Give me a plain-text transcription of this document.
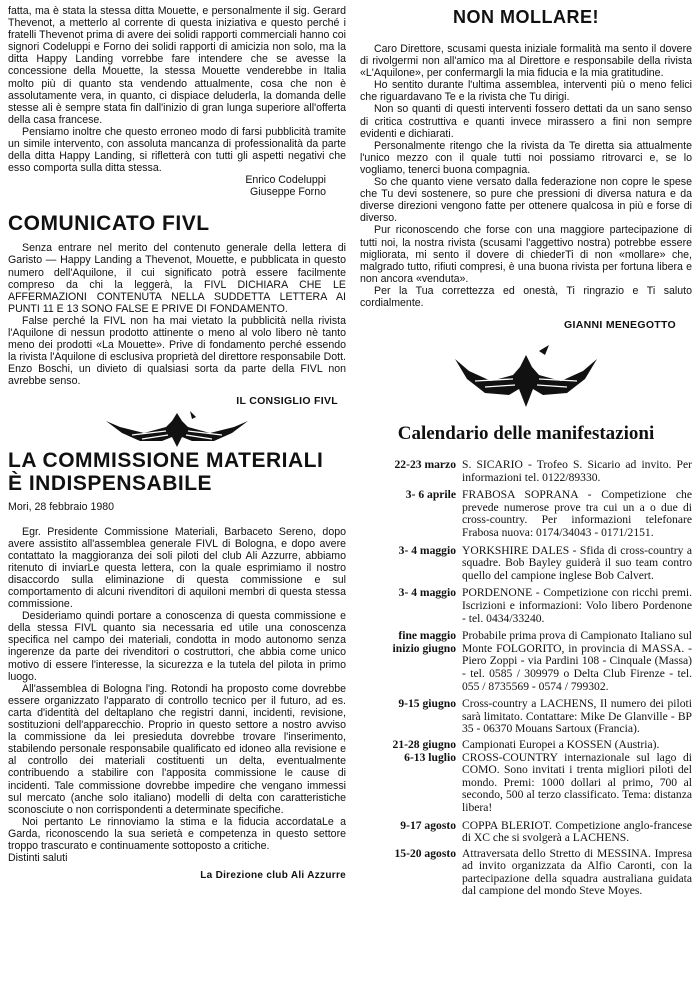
fatta, ma è stata la stessa ditta Mouette, e personalmente il sig. Gerard Thevenot, a metterlo al corrente di questa iniziativa e questo perché i fratelli Thevenot prima di avere dei solidi rapporti commerciali hanno coi signori Codeluppi e Forno dei solidi rapporti di amicizia non solo, ma la ditta Happy Landing vorrebbe fare intendere che se avesse la concessione della Mouette, la stessa Mouette venderebbe in Italia molto più di quanto sta vendendo attualmente, cosa che non è assolutamente vera, in quanto, ci dispiace deluderla, la domanda delle stesse ali è sempre stata fin dall'inizio di gran lunga superiore all'offerta della casa francese.

Pensiamo inoltre che questo erroneo modo di farsi pubblicità tramite un simile intervento, con assoluta mancanza di professionalità da parte della ditta Happy Landing, si rifletterà con tutti gli aspetti negativi che esso comporta sulla ditta stessa.

Enrico Codeluppi

Giuseppe Forno

COMUNICATO FIVL

Senza entrare nel merito del contenuto generale della lettera di Garisto — Happy Landing a Thevenot, Mouette, e pubblicata in questo numero dell'Aquilone, il cui significato potrà essere facilmente compreso da chi la leggerà, la FIVL DICHIARA CHE LE AFFERMAZIONI CONTENUTA NELLA SUDDETTA LETTERA AI PUNTI 11 E 13 SONO FALSE E PRIVE DI FONDAMENTO.

False perché la FIVL non ha mai vietato la pubblicità nella rivista l'Aquilone di nessun prodotto attinente o meno al volo libero nè tanto meno dei prodotti «La Mouette». Prive di fondamento perché essendo la rivista l'Aquilone di esclusiva proprietà del direttore responsabile Dott. Enzo Boschi, un divieto di qualsiasi sorta da parte della FIVL non avrebbe senso.

IL CONSIGLIO FIVL

LA COMMISSIONE MATERIALI
È INDISPENSABILE

Mori, 28 febbraio 1980

Egr. Presidente Commissione Materiali, Barbaceto Sereno, dopo avere assistito all'assemblea generale FIVL di Bologna, e dopo avere contattato la maggioranza dei soli piloti del club Ali Azzurre, abbiamo ritenuto di inviarLe questa lettera, con la quale esprimiamo il nostro disaccordo sulla eliminazione di questa commissione e sul comportamento di alcuni rivenditori di aquiloni membri di questa stessa commissione.

Desideriamo quindi portare a conoscenza di questa commissione e della stessa FIVL quanto sia necessaria ed utile una conoscenza specifica nel campo dei materiali, condotta in modo autonomo senza ingerenze da parte dei rivenditori o costruttori, che abbia come unico motivo di essere l'interesse, la sicurezza e la tutela del pilota in primo luogo.

All'assemblea di Bologna l'ing. Rotondi ha proposto come dovrebbe essere organizzato l'apparato di controllo tecnico per il futuro, ad es. carta d'identità del deltaplano che registri danni, incidenti, revisione, sostituzioni dell'apparecchio. Proprio in questo settore a nostro avviso la commissione da lei presieduta dovrebbe trovare l'inserimento, stabilendo personale responsabile qualificato ed idoneo alla revisione e al controllo dei materiali costituenti un delta, eventualmente contribuendo a stabilire con l'apposita commissione le cause di incidenti. Tale commissione dovrebbe impedire che vengano immessi sul mercato (anche solo italiano) modelli di delta con caratteristiche sconosciute o non corrispondenti a determinate specifiche.

Noi pertanto Le rinnoviamo la stima e la fiducia accordataLe a Garda, riconoscendo la sua serietà e competenza in questo settore troppo trascurato e continuamente sottoposto a critiche.

Distinti saluti

La Direzione club Ali Azzurre

NON MOLLARE!

Caro Direttore, scusami questa iniziale formalità ma sento il dovere di rivolgermi non all'amico ma al Direttore e responsabile della rivista «L'Aquilone», per confermargli la mia fiducia e la mia gratitudine.

Ho sentito durante l'ultima assemblea, interventi più o meno felici che riguardavano Te e la rivista che Tu dirigi.

Non so quanti di questi interventi fossero dettati da un sano senso di critica costruttiva e quanti invece mirassero a fini non sempre evidenti e dichiarati.

Personalmente ritengo che la rivista da Te diretta sia attualmente l'unico mezzo con il quale tutti noi possiamo ritrovarci e, se lo vogliamo, tenerci buona compagnia.

So che quanto viene versato dalla federazione non copre le spese che Tu devi sostenere, so pure che pressioni di diversa natura e da diverse direzioni vengono fatte per ottenere qualcosa in più e forse di diverso.

Pur riconoscendo che forse con una maggiore partecipazione di tutti noi, la nostra rivista (scusami l'aggettivo nostra) potrebbe essere migliorata, mi sento il dovere di chiederTi di non «mollare» che, malgrado tutto, rifiuti compresi, è una buona rivista per fortuna libera e non ancora «venduta».

Per la Tua correttezza ed onestà, Ti ringrazio e Ti saluto cordialmente.

GIANNI MENEGOTTO

Calendario delle manifestazioni
22-23 marzo S. SICARIO - Trofeo S. Sicario ad invito. Per informazioni tel. 0122/89330.
3- 6 aprile FRABOSA SOPRANA - Competizione che prevede numerose prove tra cui un a o due di cross-country. Per informazioni telefonare Frabosa nuova: 0174/34043 - 0171/2151.
3- 4 maggio YORKSHIRE DALES - Sfida di cross-country a squadre. Bob Bayley guiderà il suo team contro quello del campione inglese Bob Calvert.
3- 4 maggio PORDENONE - Competizione con ricchi premi. Iscrizioni e informazioni: Volo libero Pordenone - tel. 0434/33240.
fine maggio
inizio giugno
Probabile prima prova di Campionato Italiano sul Monte FOLGORITO, in provincia di MASSA. - Piero Zoppi - via Pardini 108 - Cinquale (Massa) - tel. 0585 / 309979 o Delta Club Firenze - tel. 055 / 8735569 - 0574 / 799302.
9-15 giugno Cross-country a LACHENS, Il numero dei piloti sarà limitato. Contattare: Mike De Glanville - BP 35 - 06370 Mouans Sartoux (Francia).
21-28 giugno Campionati Europei a KOSSEN (Austria).
6-13 luglio CROSS-COUNTRY internazionale sul lago di COMO. Sono invitati i trenta migliori piloti del mondo. Premi: 1000 dollari al primo, 700 al secondo, 500 al terzo classificato. Tema: distanza libera!
9-17 agosto COPPA BLERIOT. Competizione anglo-francese di XC che si svolgerà a LACHENS.
15-20 agosto Attraversata dello Stretto di MESSINA. Impresa ad invito organizzata da Alfio Caronti, con la partecipazione della squadra australiana guidata dal campione del mondo Steve Moyes.
